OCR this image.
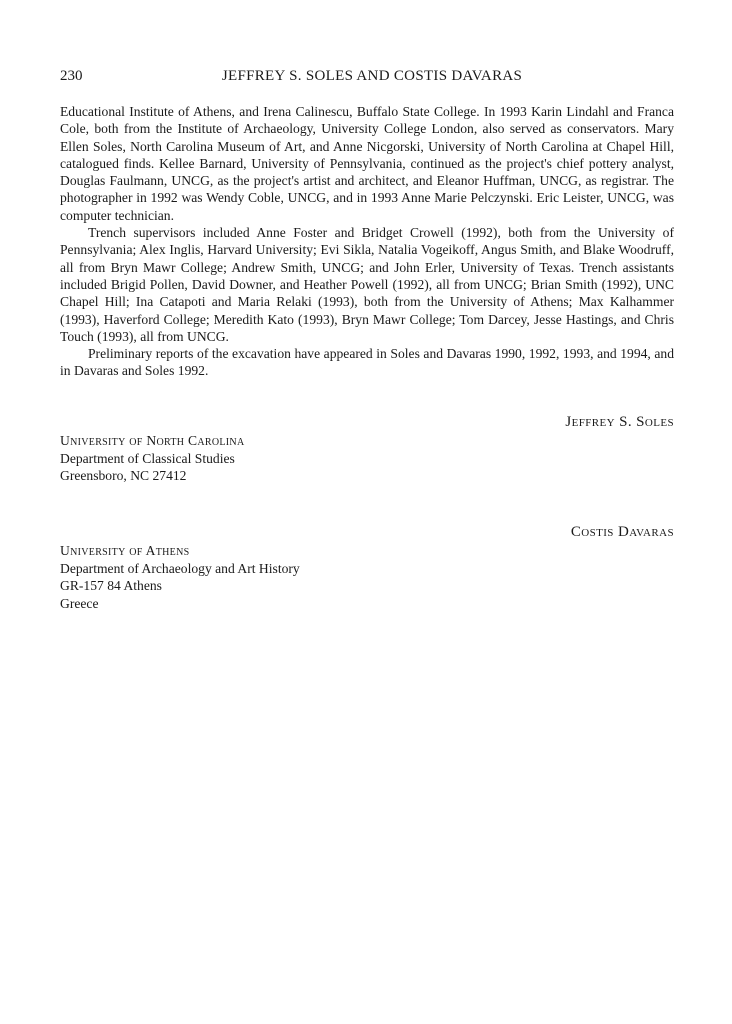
230	JEFFREY S. SOLES AND COSTIS DAVARAS

Educational Institute of Athens, and Irena Calinescu, Buffalo State College. In 1993 Karin Lindahl and Franca Cole, both from the Institute of Archaeology, University College London, also served as conservators. Mary Ellen Soles, North Carolina Museum of Art, and Anne Nicgorski, University of North Carolina at Chapel Hill, catalogued finds. Kellee Barnard, University of Pennsylvania, continued as the project's chief pottery analyst, Douglas Faulmann, UNCG, as the project's artist and architect, and Eleanor Huffman, UNCG, as registrar. The photographer in 1992 was Wendy Coble, UNCG, and in 1993 Anne Marie Pelczynski. Eric Leister, UNCG, was computer technician.

Trench supervisors included Anne Foster and Bridget Crowell (1992), both from the University of Pennsylvania; Alex Inglis, Harvard University; Evi Sikla, Natalia Vogeikoff, Angus Smith, and Blake Woodruff, all from Bryn Mawr College; Andrew Smith, UNCG; and John Erler, University of Texas. Trench assistants included Brigid Pollen, David Downer, and Heather Powell (1992), all from UNCG; Brian Smith (1992), UNC Chapel Hill; Ina Catapoti and Maria Relaki (1993), both from the University of Athens; Max Kalhammer (1993), Haverford College; Meredith Kato (1993), Bryn Mawr College; Tom Darcey, Jesse Hastings, and Chris Touch (1993), all from UNCG.

Preliminary reports of the excavation have appeared in Soles and Davaras 1990, 1992, 1993, and 1994, and in Davaras and Soles 1992.

Jeffrey S. Soles
University of North Carolina
Department of Classical Studies
Greensboro, NC 27412
Costis Davaras
University of Athens
Department of Archaeology and Art History
GR-157 84 Athens
Greece
